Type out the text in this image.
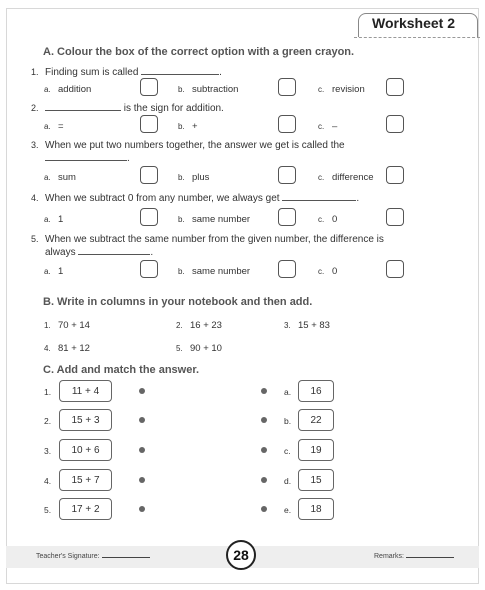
Worksheet 2
A. Colour the box of the correct option with a green crayon.
1. Finding sum is called	.
a. addition	b. subtraction	c. revision
2.	is the sign for addition.
a. =	b. +	c. –
3. When we put two numbers together, the answer we get is called the
.
a. sum	b. plus	c. difference
4. When we subtract 0 from any number, we always get	.
a. 1	b. same number	c. 0
5. When we subtract the same number from the given number, the difference is
always	.
a. 1	b. same number	c. 0
B. Write in columns in your notebook and then add.
1. 70 + 14	2. 16 + 23	3. 15 + 83
4. 81 + 12	5. 90 + 10
C. Add and match the answer.
1.	11 + 4	a.	16
2.	15 + 3	b.	22
3.	10 + 6	c.	19
4.	15 + 7	d.	15
5.	17 + 2	e.	18
Teacher's Signature:	28	Remarks:
